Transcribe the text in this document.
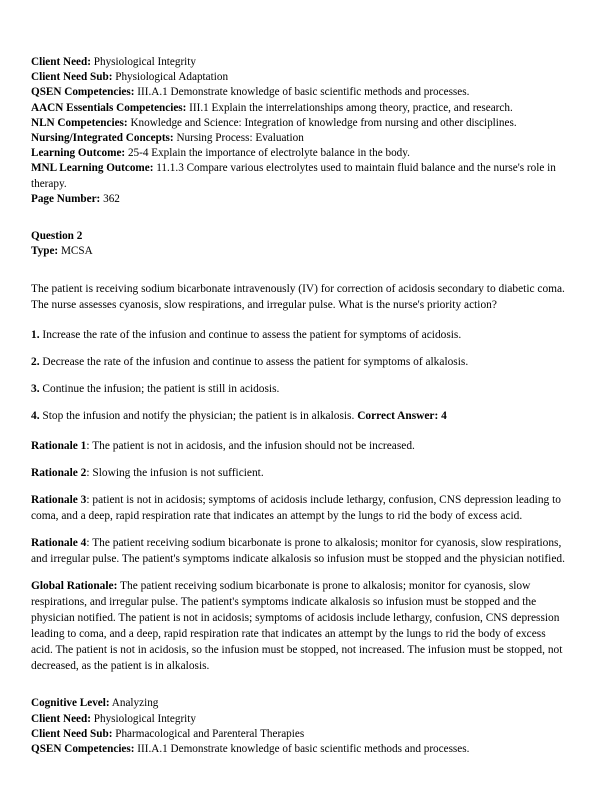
Client Need: Physiological Integrity

Client Need Sub: Physiological Adaptation

QSEN Competencies: III.A.1 Demonstrate knowledge of basic scientific methods and processes.

AACN Essentials Competencies: III.1 Explain the interrelationships among theory, practice, and research.

NLN Competencies: Knowledge and Science: Integration of knowledge from nursing and other disciplines.

Nursing/Integrated Concepts: Nursing Process: Evaluation

Learning Outcome: 25-4 Explain the importance of electrolyte balance in the body.

MNL Learning Outcome: 11.1.3 Compare various electrolytes used to maintain fluid balance and the nurse's role in therapy.

Page Number: 362

Question 2

Type: MCSA

The patient is receiving sodium bicarbonate intravenously (IV) for correction of acidosis secondary to diabetic coma. The nurse assesses cyanosis, slow respirations, and irregular pulse. What is the nurse's priority action?

1. Increase the rate of the infusion and continue to assess the patient for symptoms of acidosis.

2. Decrease the rate of the infusion and continue to assess the patient for symptoms of alkalosis.

3. Continue the infusion; the patient is still in acidosis.

4. Stop the infusion and notify the physician; the patient is in alkalosis. Correct Answer: 4

Rationale 1: The patient is not in acidosis, and the infusion should not be increased.

Rationale 2: Slowing the infusion is not sufficient.

Rationale 3: patient is not in acidosis; symptoms of acidosis include lethargy, confusion, CNS depression leading to coma, and a deep, rapid respiration rate that indicates an attempt by the lungs to rid the body of excess acid.

Rationale 4: The patient receiving sodium bicarbonate is prone to alkalosis; monitor for cyanosis, slow respirations, and irregular pulse. The patient's symptoms indicate alkalosis so infusion must be stopped and the physician notified.

Global Rationale: The patient receiving sodium bicarbonate is prone to alkalosis; monitor for cyanosis, slow respirations, and irregular pulse. The patient's symptoms indicate alkalosis so infusion must be stopped and the physician notified. The patient is not in acidosis; symptoms of acidosis include lethargy, confusion, CNS depression leading to coma, and a deep, rapid respiration rate that indicates an attempt by the lungs to rid the body of excess acid. The patient is not in acidosis, so the infusion must be stopped, not increased. The infusion must be stopped, not decreased, as the patient is in alkalosis.

Cognitive Level: Analyzing

Client Need: Physiological Integrity

Client Need Sub: Pharmacological and Parenteral Therapies

QSEN Competencies: III.A.1 Demonstrate knowledge of basic scientific methods and processes.
